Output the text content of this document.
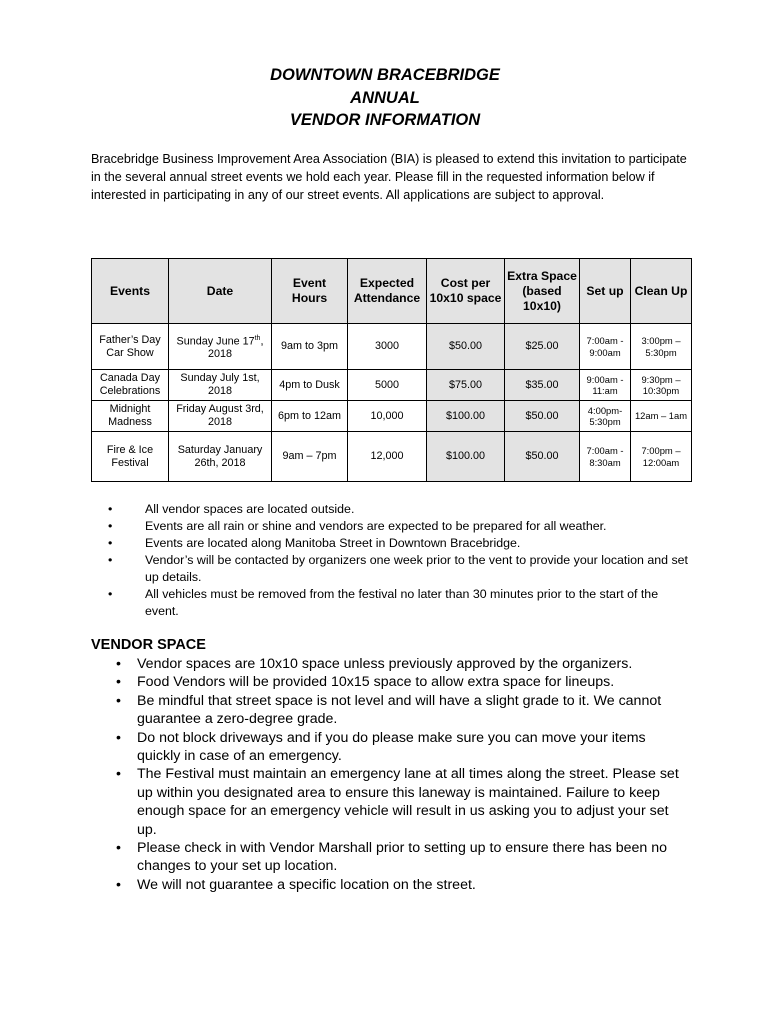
DOWNTOWN BRACEBRIDGE
ANNUAL
VENDOR INFORMATION
Bracebridge Business Improvement Area Association (BIA) is pleased to extend this invitation to participate in the several annual street events we hold each year. Please fill in the requested information below if interested in participating in any of our street events. All applications are subject to approval.
Events	Date	Event Hours	Expected Attendance	Cost per 10x10 space	Extra Space (based 10x10)	Set up	Clean Up
Father’s Day Car Show	Sunday June 17th, 2018	9am to 3pm	3000	$50.00	$25.00	7:00am - 9:00am	3:00pm – 5:30pm
Canada Day Celebrations	Sunday July 1st, 2018	4pm to Dusk	5000	$75.00	$35.00	9:00am - 11:am	9:30pm – 10:30pm
Midnight Madness	Friday August 3rd, 2018	6pm to 12am	10,000	$100.00	$50.00	4:00pm- 5:30pm	12am – 1am
Fire & Ice Festival	Saturday January 26th, 2018	9am – 7pm	12,000	$100.00	$50.00	7:00am - 8:30am	7:00pm – 12:00am
•	All vendor spaces are located outside.
•	Events are all rain or shine and vendors are expected to be prepared for all weather.
•	Events are located along Manitoba Street in Downtown Bracebridge.
•	Vendor’s will be contacted by organizers one week prior to the vent to provide your location and set up details.
•	All vehicles must be removed from the festival no later than 30 minutes prior to the start of the event.
VENDOR SPACE
• Vendor spaces are 10x10 space unless previously approved by the organizers.
• Food Vendors will be provided 10x15 space to allow extra space for lineups.
• Be mindful that street space is not level and will have a slight grade to it. We cannot guarantee a zero-degree grade.
• Do not block driveways and if you do please make sure you can move your items quickly in case of an emergency.
• The Festival must maintain an emergency lane at all times along the street. Please set up within you designated area to ensure this laneway is maintained. Failure to keep enough space for an emergency vehicle will result in us asking you to adjust your set up.
• Please check in with Vendor Marshall prior to setting up to ensure there has been no changes to your set up location.
• We will not guarantee a specific location on the street.
